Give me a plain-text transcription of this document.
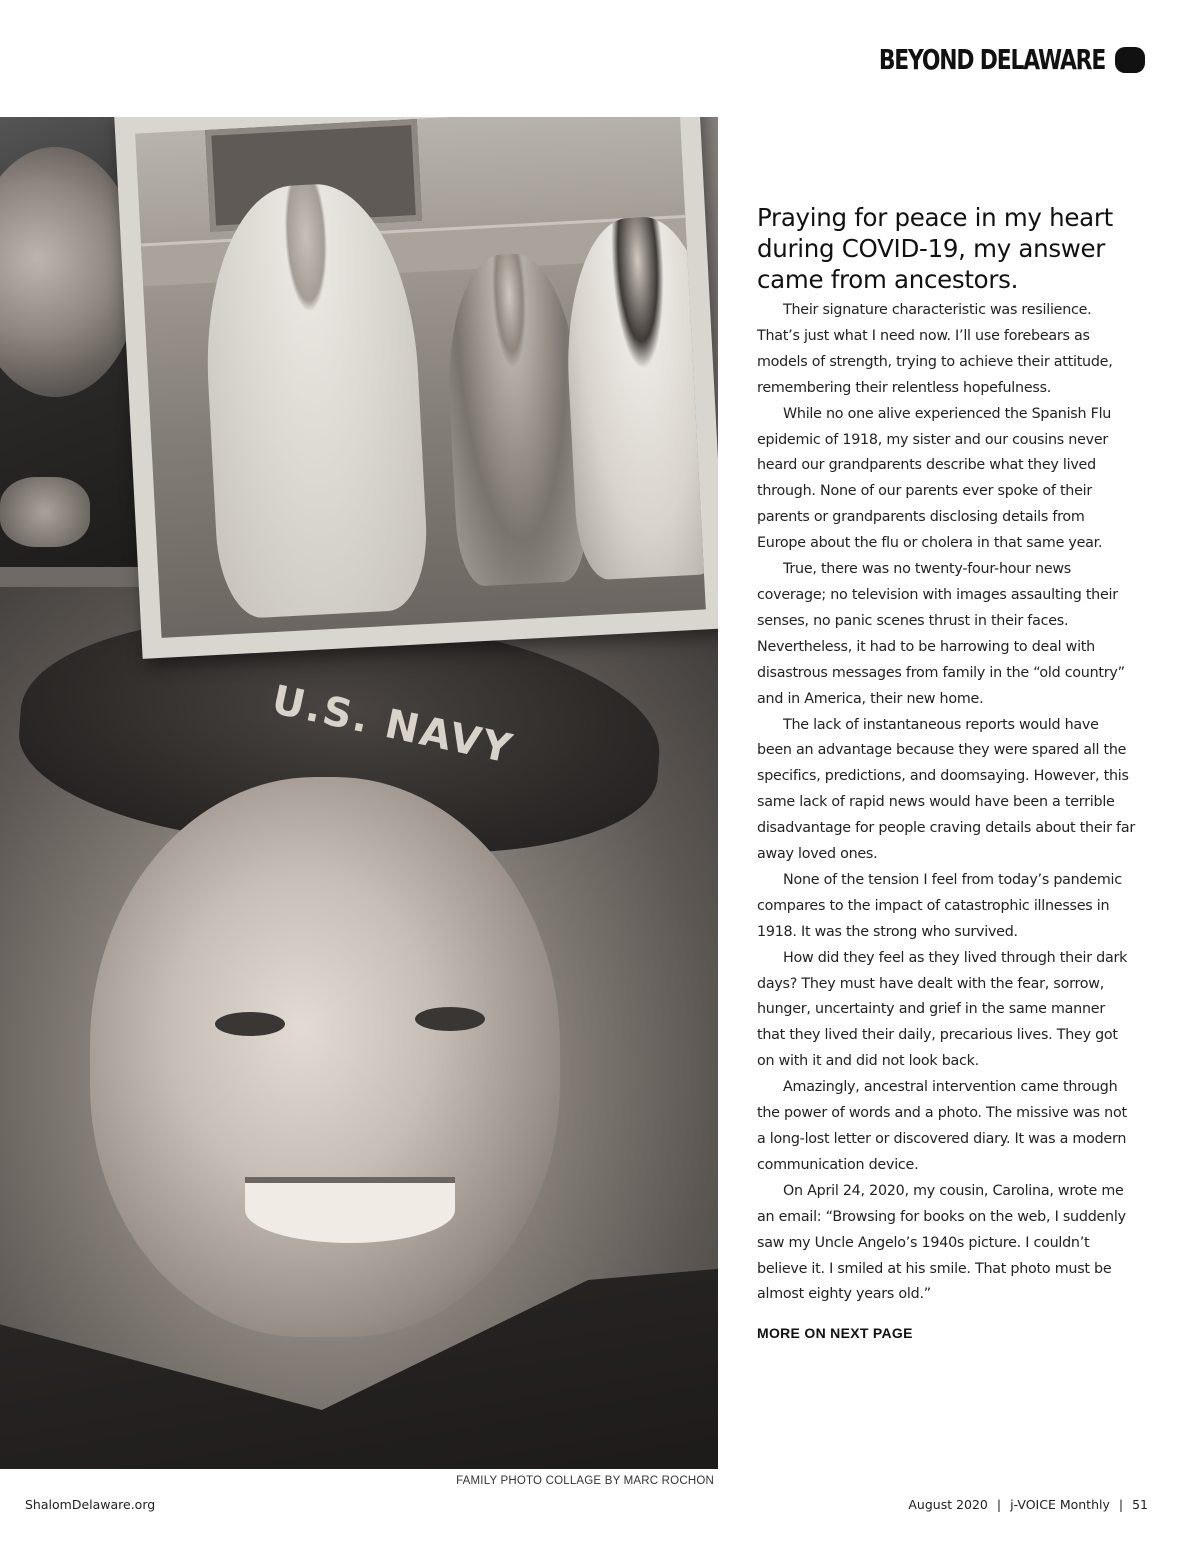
BEYOND DELAWARE
U.S. NAVY
FAMILY PHOTO COLLAGE BY MARC ROCHON
Praying for peace in my heart during COVID-19, my answer came from ancestors.

Their signature characteristic was resilience. That’s just what I need now. I’ll use forebears as models of strength, trying to achieve their attitude, remembering their relentless hopefulness.

While no one alive experienced the Spanish Flu epidemic of 1918, my sister and our cousins never heard our grandparents describe what they lived through. None of our parents ever spoke of their parents or grandparents disclosing details from Europe about the flu or cholera in that same year.

True, there was no twenty-four-hour news coverage; no television with images assaulting their senses, no panic scenes thrust in their faces. Nevertheless, it had to be harrowing to deal with disastrous messages from family in the “old country” and in America, their new home.

The lack of instantaneous reports would have been an advantage because they were spared all the specifics, predictions, and doomsaying. However, this same lack of rapid news would have been a terrible disadvantage for people craving details about their far away loved ones.

None of the tension I feel from today’s pandemic compares to the impact of catastrophic illnesses in 1918. It was the strong who survived.

How did they feel as they lived through their dark days? They must have dealt with the fear, sorrow, hunger, uncertainty and grief in the same manner that they lived their daily, precarious lives. They got on with it and did not look back.

Amazingly, ancestral intervention came through the power of words and a photo. The missive was not a long-lost letter or discovered diary. It was a modern communication device.

On April 24, 2020, my cousin, Carolina, wrote me an email: “Browsing for books on the web, I suddenly saw my Uncle Angelo’s 1940s picture. I couldn’t believe it. I smiled at his smile. That photo must be almost eighty years old.”

MORE ON NEXT PAGE
ShalomDelaware.org	August 2020 | j-VOICE Monthly | 51
